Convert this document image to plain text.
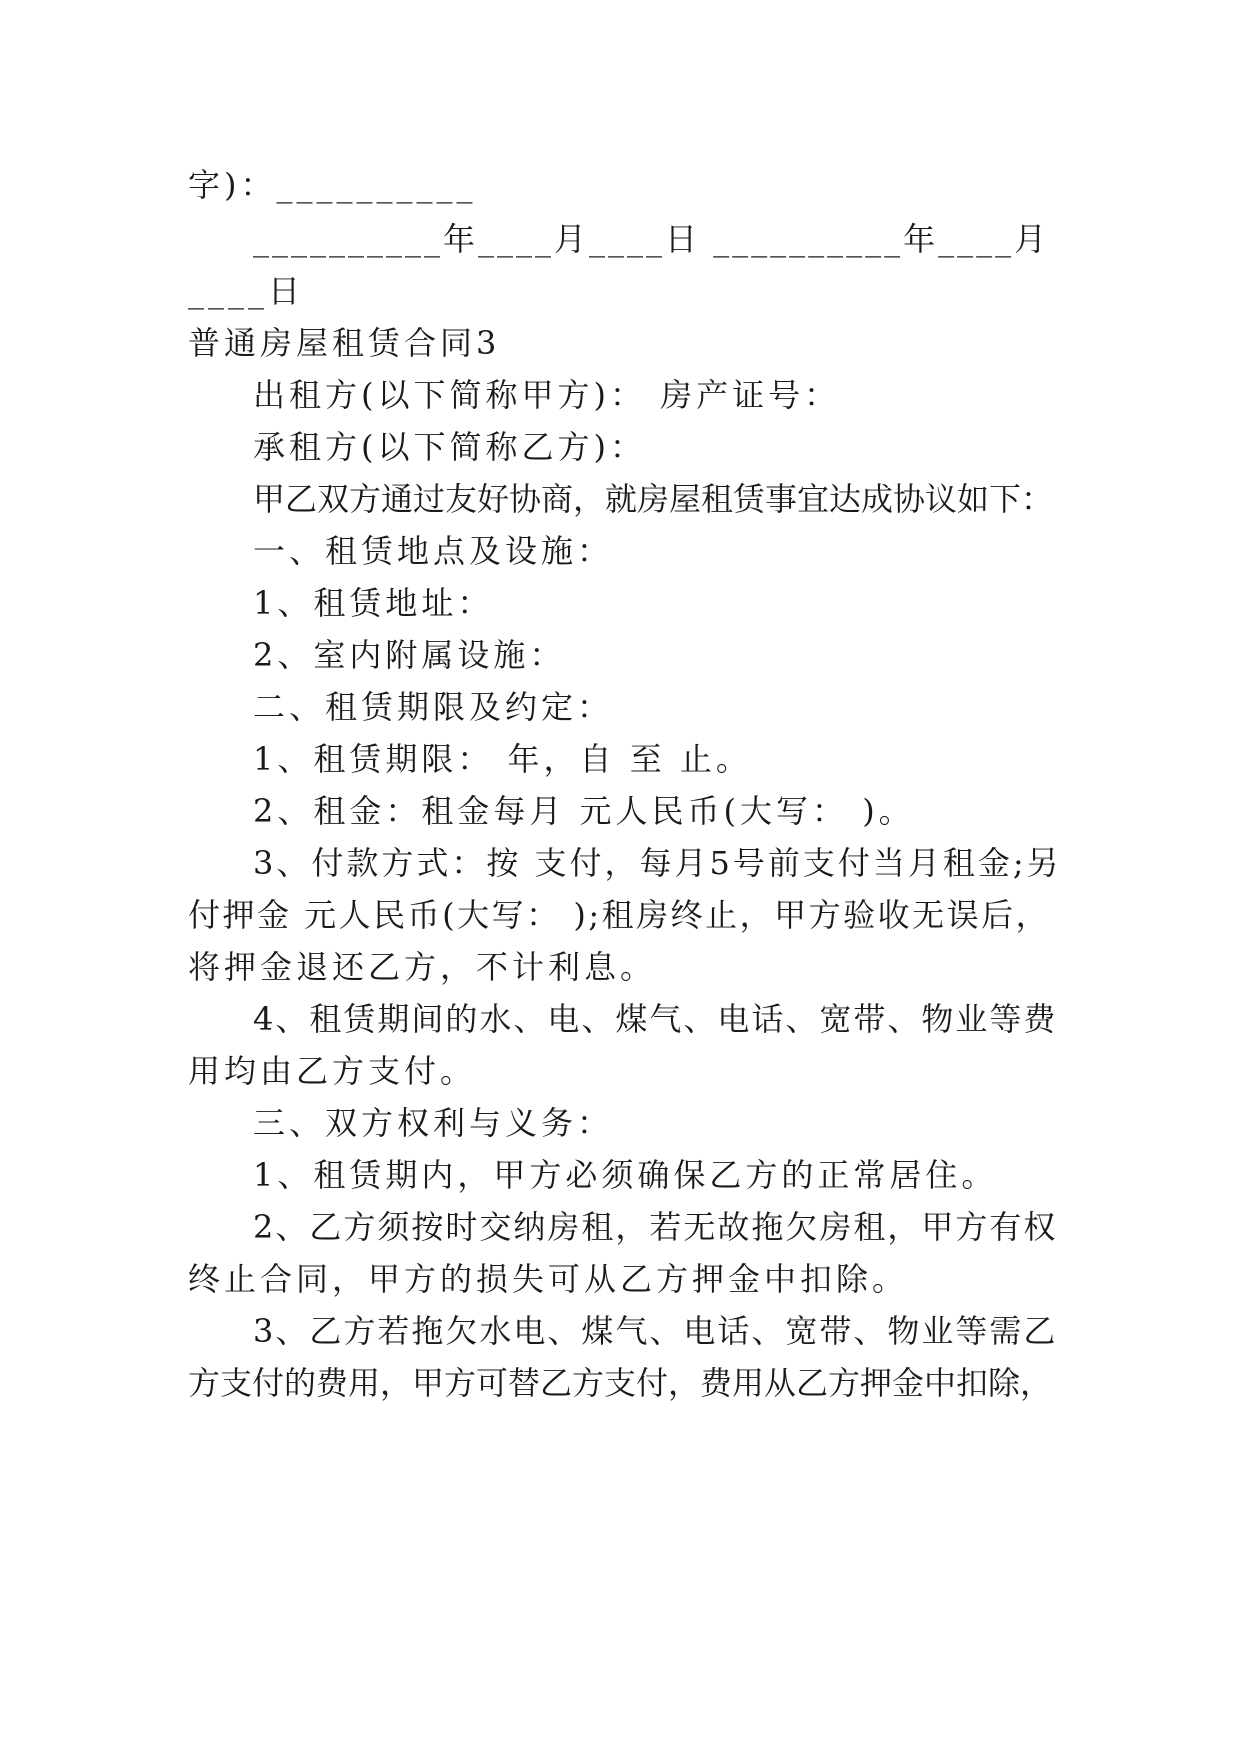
字)：__________
__________年____月____日 __________年____月
____日
普通房屋租赁合同3
出租方(以下简称甲方)： 房产证号：
承租方(以下简称乙方)：
甲乙双方通过友好协商，就房屋租赁事宜达成协议如下：
一、租赁地点及设施：
1、租赁地址：
2、室内附属设施：
二、租赁期限及约定：
1、租赁期限： 年，自 至 止。
2、租金：租金每月 元人民币(大写： )。
3、付款方式：按 支付，每月5号前支付当月租金;另
付押金 元人民币(大写： );租房终止，甲方验收无误后，
将押金退还乙方，不计利息。
4、租赁期间的水、电、煤气、电话、宽带、物业等费
用均由乙方支付。
三、双方权利与义务：
1、租赁期内，甲方必须确保乙方的正常居住。
2、乙方须按时交纳房租，若无故拖欠房租，甲方有权
终止合同，甲方的损失可从乙方押金中扣除。
3、乙方若拖欠水电、煤气、电话、宽带、物业等需乙
方支付的费用，甲方可替乙方支付，费用从乙方押金中扣除，
